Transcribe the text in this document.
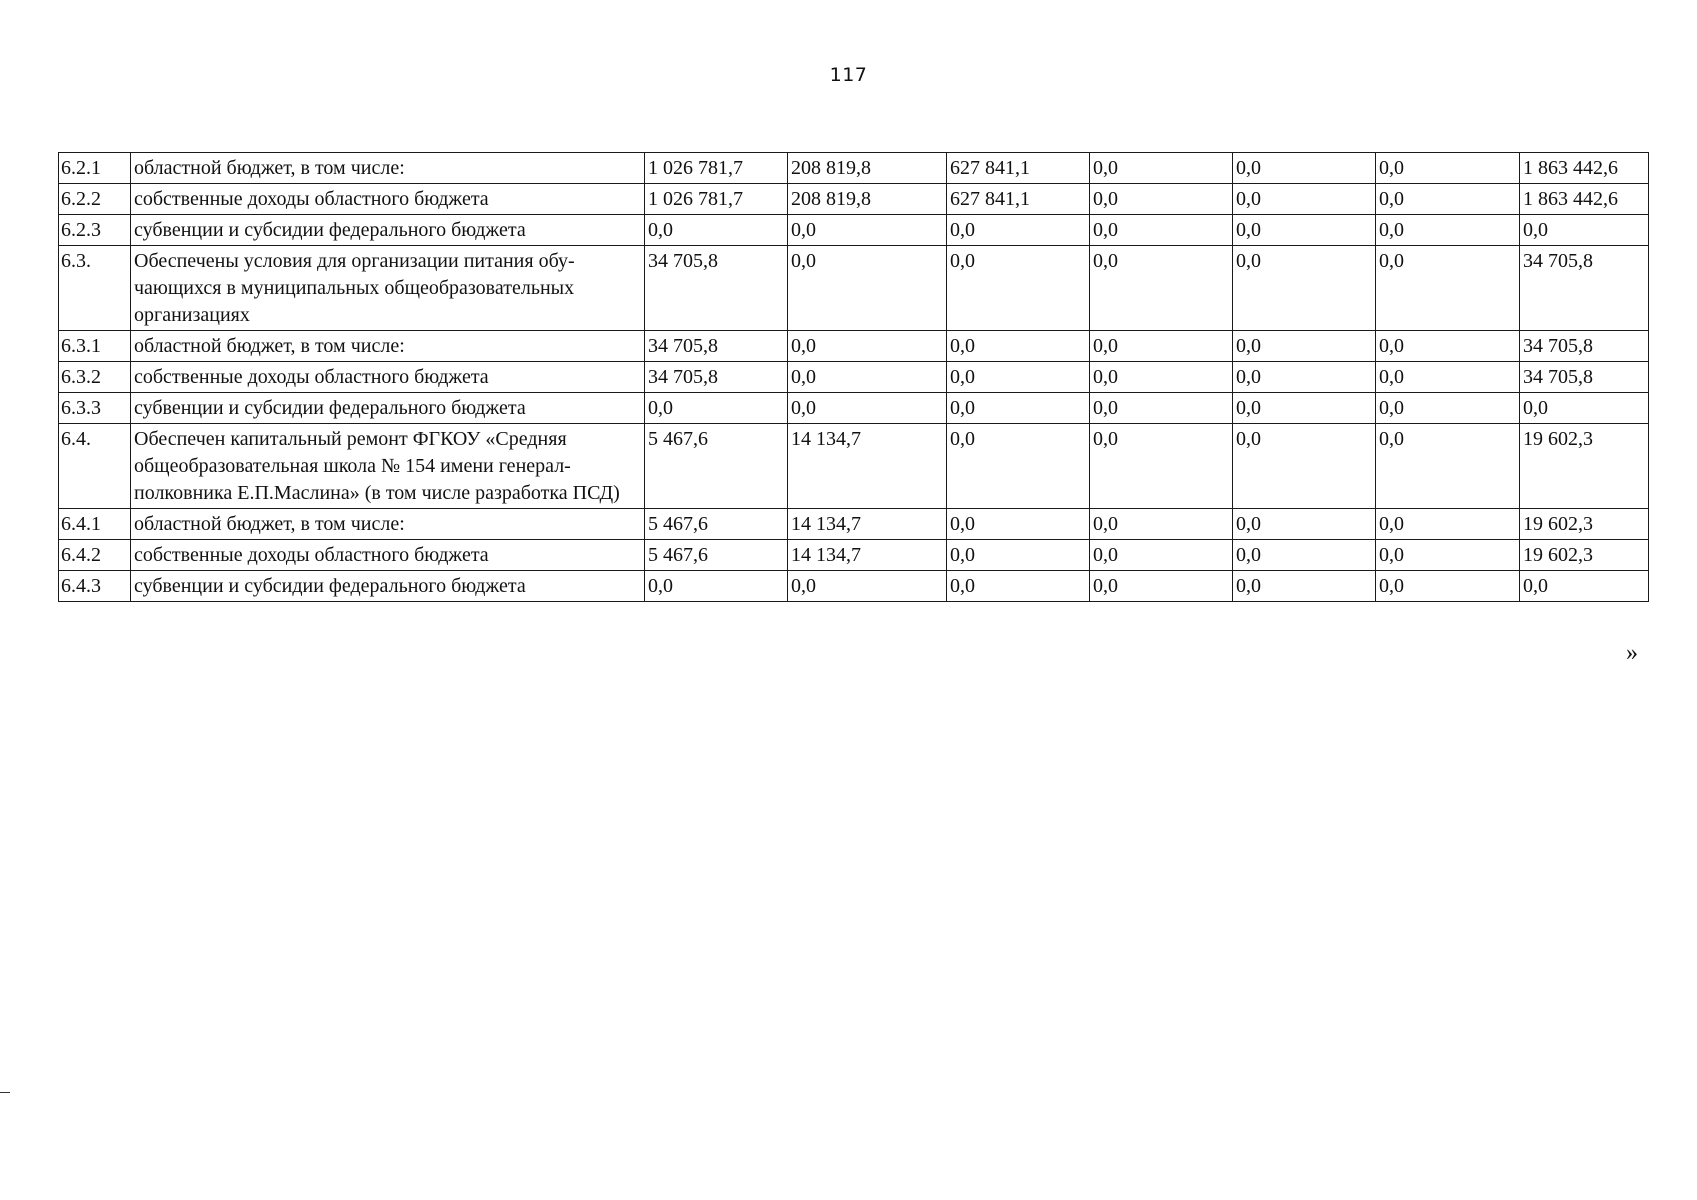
117
6.2.1	областной бюджет, в том числе:	1 026 781,7	208 819,8	627 841,1	0,0	0,0	0,0	1 863 442,6
6.2.2	собственные доходы областного бюджета	1 026 781,7	208 819,8	627 841,1	0,0	0,0	0,0	1 863 442,6
6.2.3	субвенции и субсидии федерального бюджета	0,0	0,0	0,0	0,0	0,0	0,0	0,0
6.3.	Обеспечены условия для организации питания обу-чающихся в муниципальных общеобразовательных организациях	34 705,8	0,0	0,0	0,0	0,0	0,0	34 705,8
6.3.1	областной бюджет, в том числе:	34 705,8	0,0	0,0	0,0	0,0	0,0	34 705,8
6.3.2	собственные доходы областного бюджета	34 705,8	0,0	0,0	0,0	0,0	0,0	34 705,8
6.3.3	субвенции и субсидии федерального бюджета	0,0	0,0	0,0	0,0	0,0	0,0	0,0
6.4.	Обеспечен капитальный ремонт ФГКОУ «Средняя общеобразовательная школа № 154 имени генерал-полковника Е.П.Маслина» (в том числе разработка ПСД)	5 467,6	14 134,7	0,0	0,0	0,0	0,0	19 602,3
6.4.1	областной бюджет, в том числе:	5 467,6	14 134,7	0,0	0,0	0,0	0,0	19 602,3
6.4.2	собственные доходы областного бюджета	5 467,6	14 134,7	0,0	0,0	0,0	0,0	19 602,3
6.4.3	субвенции и субсидии федерального бюджета	0,0	0,0	0,0	0,0	0,0	0,0	0,0
»
